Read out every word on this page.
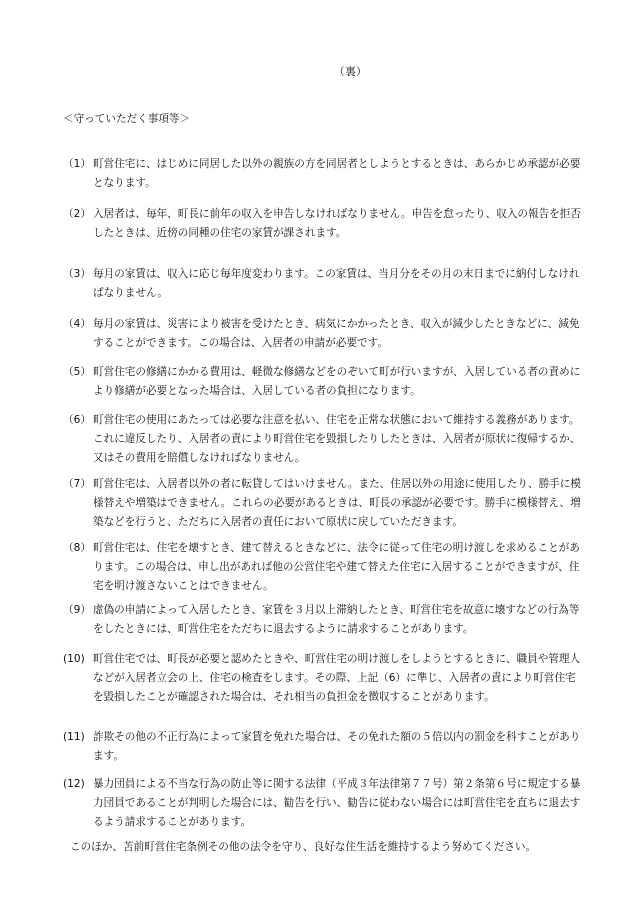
（裏）
＜守っていただく事項等＞
（1） 町営住宅に、はじめに同居した以外の親族の方を同居者としようとするときは、あらかじめ承認が必要となります。
（2） 入居者は、毎年、町長に前年の収入を申告しなければなりません。申告を怠ったり、収入の報告を拒否したときは、近傍の同種の住宅の家賃が課されます。
（3） 毎月の家賃は、収入に応じ毎年度変わります。この家賃は、当月分をその月の末日までに納付しなければなりません。
（4） 毎月の家賃は、災害により被害を受けたとき、病気にかかったとき、収入が減少したときなどに、減免することができます。この場合は、入居者の申請が必要です。
（5） 町営住宅の修繕にかかる費用は、軽微な修繕などをのぞいて町が行いますが、入居している者の責めにより修繕が必要となった場合は、入居している者の負担になります。
（6） 町営住宅の使用にあたっては必要な注意を払い、住宅を正常な状態において維持する義務があります。これに違反したり、入居者の責により町営住宅を毀損したりしたときは、入居者が原状に復帰するか、又はその費用を賠償しなければなりません。
（7） 町営住宅は、入居者以外の者に転貸してはいけません。また、住居以外の用途に使用したり、勝手に模様替えや増築はできません。これらの必要があるときは、町長の承認が必要です。勝手に模様替え、増築などを行うと、ただちに入居者の責任において原状に戻していただきます。
（8） 町営住宅は、住宅を壊すとき、建て替えるときなどに、法令に従って住宅の明け渡しを求めることがあります。この場合は、申し出があれば他の公営住宅や建て替えた住宅に入居することができますが、住宅を明け渡さないことはできません。
（9） 虚偽の申請によって入居したとき、家賃を３月以上滞納したとき、町営住宅を故意に壊すなどの行為等をしたときには、町営住宅をただちに退去するように請求することがあります。
(10) 町営住宅では、町長が必要と認めたときや、町営住宅の明け渡しをしようとするときに、職員や管理人などが入居者立会の上、住宅の検査をします。その際、上記（6）に準じ、入居者の責により町営住宅を毀損したことが確認された場合は、それ相当の負担金を徴収することがあります。
(11) 詐欺その他の不正行為によって家賃を免れた場合は、その免れた額の５倍以内の罰金を科すことがあります。
(12) 暴力団員による不当な行為の防止等に関する法律（平成３年法律第７７号）第２条第６号に規定する暴力団員であることが判明した場合には、勧告を行い、勧告に従わない場合には町営住宅を直ちに退去するよう請求することがあります。
このほか、苫前町営住宅条例その他の法令を守り、良好な住生活を維持するよう努めてください。
